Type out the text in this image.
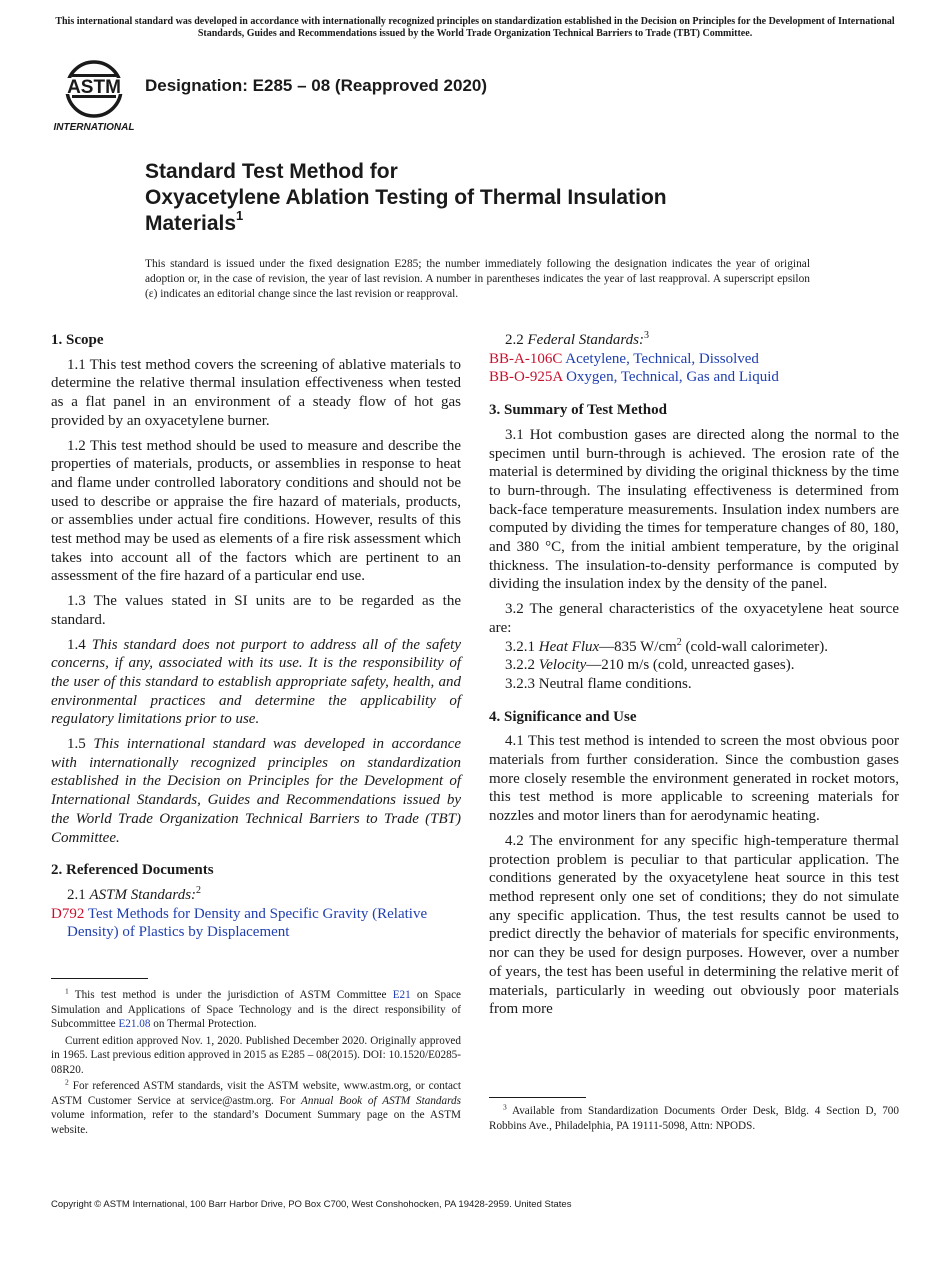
This international standard was developed in accordance with internationally recognized principles on standardization established in the Decision on Principles for the Development of International Standards, Guides and Recommendations issued by the World Trade Organization Technical Barriers to Trade (TBT) Committee.
ASTM
INTERNATIONAL
Designation: E285 – 08 (Reapproved 2020)
Standard Test Method for
Oxyacetylene Ablation Testing of Thermal Insulation
Materials$^1$
This standard is issued under the fixed designation E285; the number immediately following the designation indicates the year of original adoption or, in the case of revision, the year of last revision. A number in parentheses indicates the year of last reapproval. A superscript epsilon (ε) indicates an editorial change since the last revision or reapproval.
1. Scope

1.1 This test method covers the screening of ablative materials to determine the relative thermal insulation effectiveness when tested as a flat panel in an environment of a steady flow of hot gas provided by an oxyacetylene burner.

1.2 This test method should be used to measure and describe the properties of materials, products, or assemblies in response to heat and flame under controlled laboratory conditions and should not be used to describe or appraise the fire hazard of materials, products, or assemblies under actual fire conditions. However, results of this test method may be used as elements of a fire risk assessment which takes into account all of the factors which are pertinent to an assessment of the fire hazard of a particular end use.

1.3 The values stated in SI units are to be regarded as the standard.

1.4 This standard does not purport to address all of the safety concerns, if any, associated with its use. It is the responsibility of the user of this standard to establish appropriate safety, health, and environmental practices and determine the applicability of regulatory limitations prior to use.

1.5 This international standard was developed in accordance with internationally recognized principles on standardization established in the Decision on Principles for the Development of International Standards, Guides and Recommendations issued by the World Trade Organization Technical Barriers to Trade (TBT) Committee.

2. Referenced Documents

2.1 ASTM Standards:$^2$

D792 Test Methods for Density and Specific Gravity (Relative Density) of Plastics by Displacement

$^1$ This test method is under the jurisdiction of ASTM Committee E21 on Space Simulation and Applications of Space Technology and is the direct responsibility of Subcommittee E21.08 on Thermal Protection.

Current edition approved Nov. 1, 2020. Published December 2020. Originally approved in 1965. Last previous edition approved in 2015 as E285 – 08(2015). DOI: 10.1520/E0285-08R20.

$^2$ For referenced ASTM standards, visit the ASTM website, www.astm.org, or contact ASTM Customer Service at service@astm.org. For Annual Book of ASTM Standards volume information, refer to the standard’s Document Summary page on the ASTM website.

2.2 Federal Standards:$^3$

BB-A-106C Acetylene, Technical, Dissolved

BB-O-925A Oxygen, Technical, Gas and Liquid

3. Summary of Test Method

3.1 Hot combustion gases are directed along the normal to the specimen until burn-through is achieved. The erosion rate of the material is determined by dividing the original thickness by the time to burn-through. The insulating effectiveness is determined from back-face temperature measurements. Insulation index numbers are computed by dividing the times for temperature changes of 80, 180, and 380 °C, from the initial ambient temperature, by the original thickness. The insulation-to-density performance is computed by dividing the insulation index by the density of the panel.

3.2 The general characteristics of the oxyacetylene heat source are:

3.2.1 Heat Flux—835 $W/cm^2$ (cold-wall calorimeter).

3.2.2 Velocity—210 m/s (cold, unreacted gases).

3.2.3 Neutral flame conditions.

4. Significance and Use

4.1 This test method is intended to screen the most obvious poor materials from further consideration. Since the combustion gases more closely resemble the environment generated in rocket motors, this test method is more applicable to screening materials for nozzles and motor liners than for aerodynamic heating.

4.2 The environment for any specific high-temperature thermal protection problem is peculiar to that particular application. The conditions generated by the oxyacetylene heat source in this test method represent only one set of conditions; they do not simulate any specific application. Thus, the test results cannot be used to predict directly the behavior of materials for specific environments, nor can they be used for design purposes. However, over a number of years, the test has been useful in determining the relative merit of materials, particularly in weeding out obviously poor materials from more

$^3$ Available from Standardization Documents Order Desk, Bldg. 4 Section D, 700 Robbins Ave., Philadelphia, PA 19111-5098, Attn: NPODS.

Copyright © ASTM International, 100 Barr Harbor Drive, PO Box C700, West Conshohocken, PA 19428-2959. United States
